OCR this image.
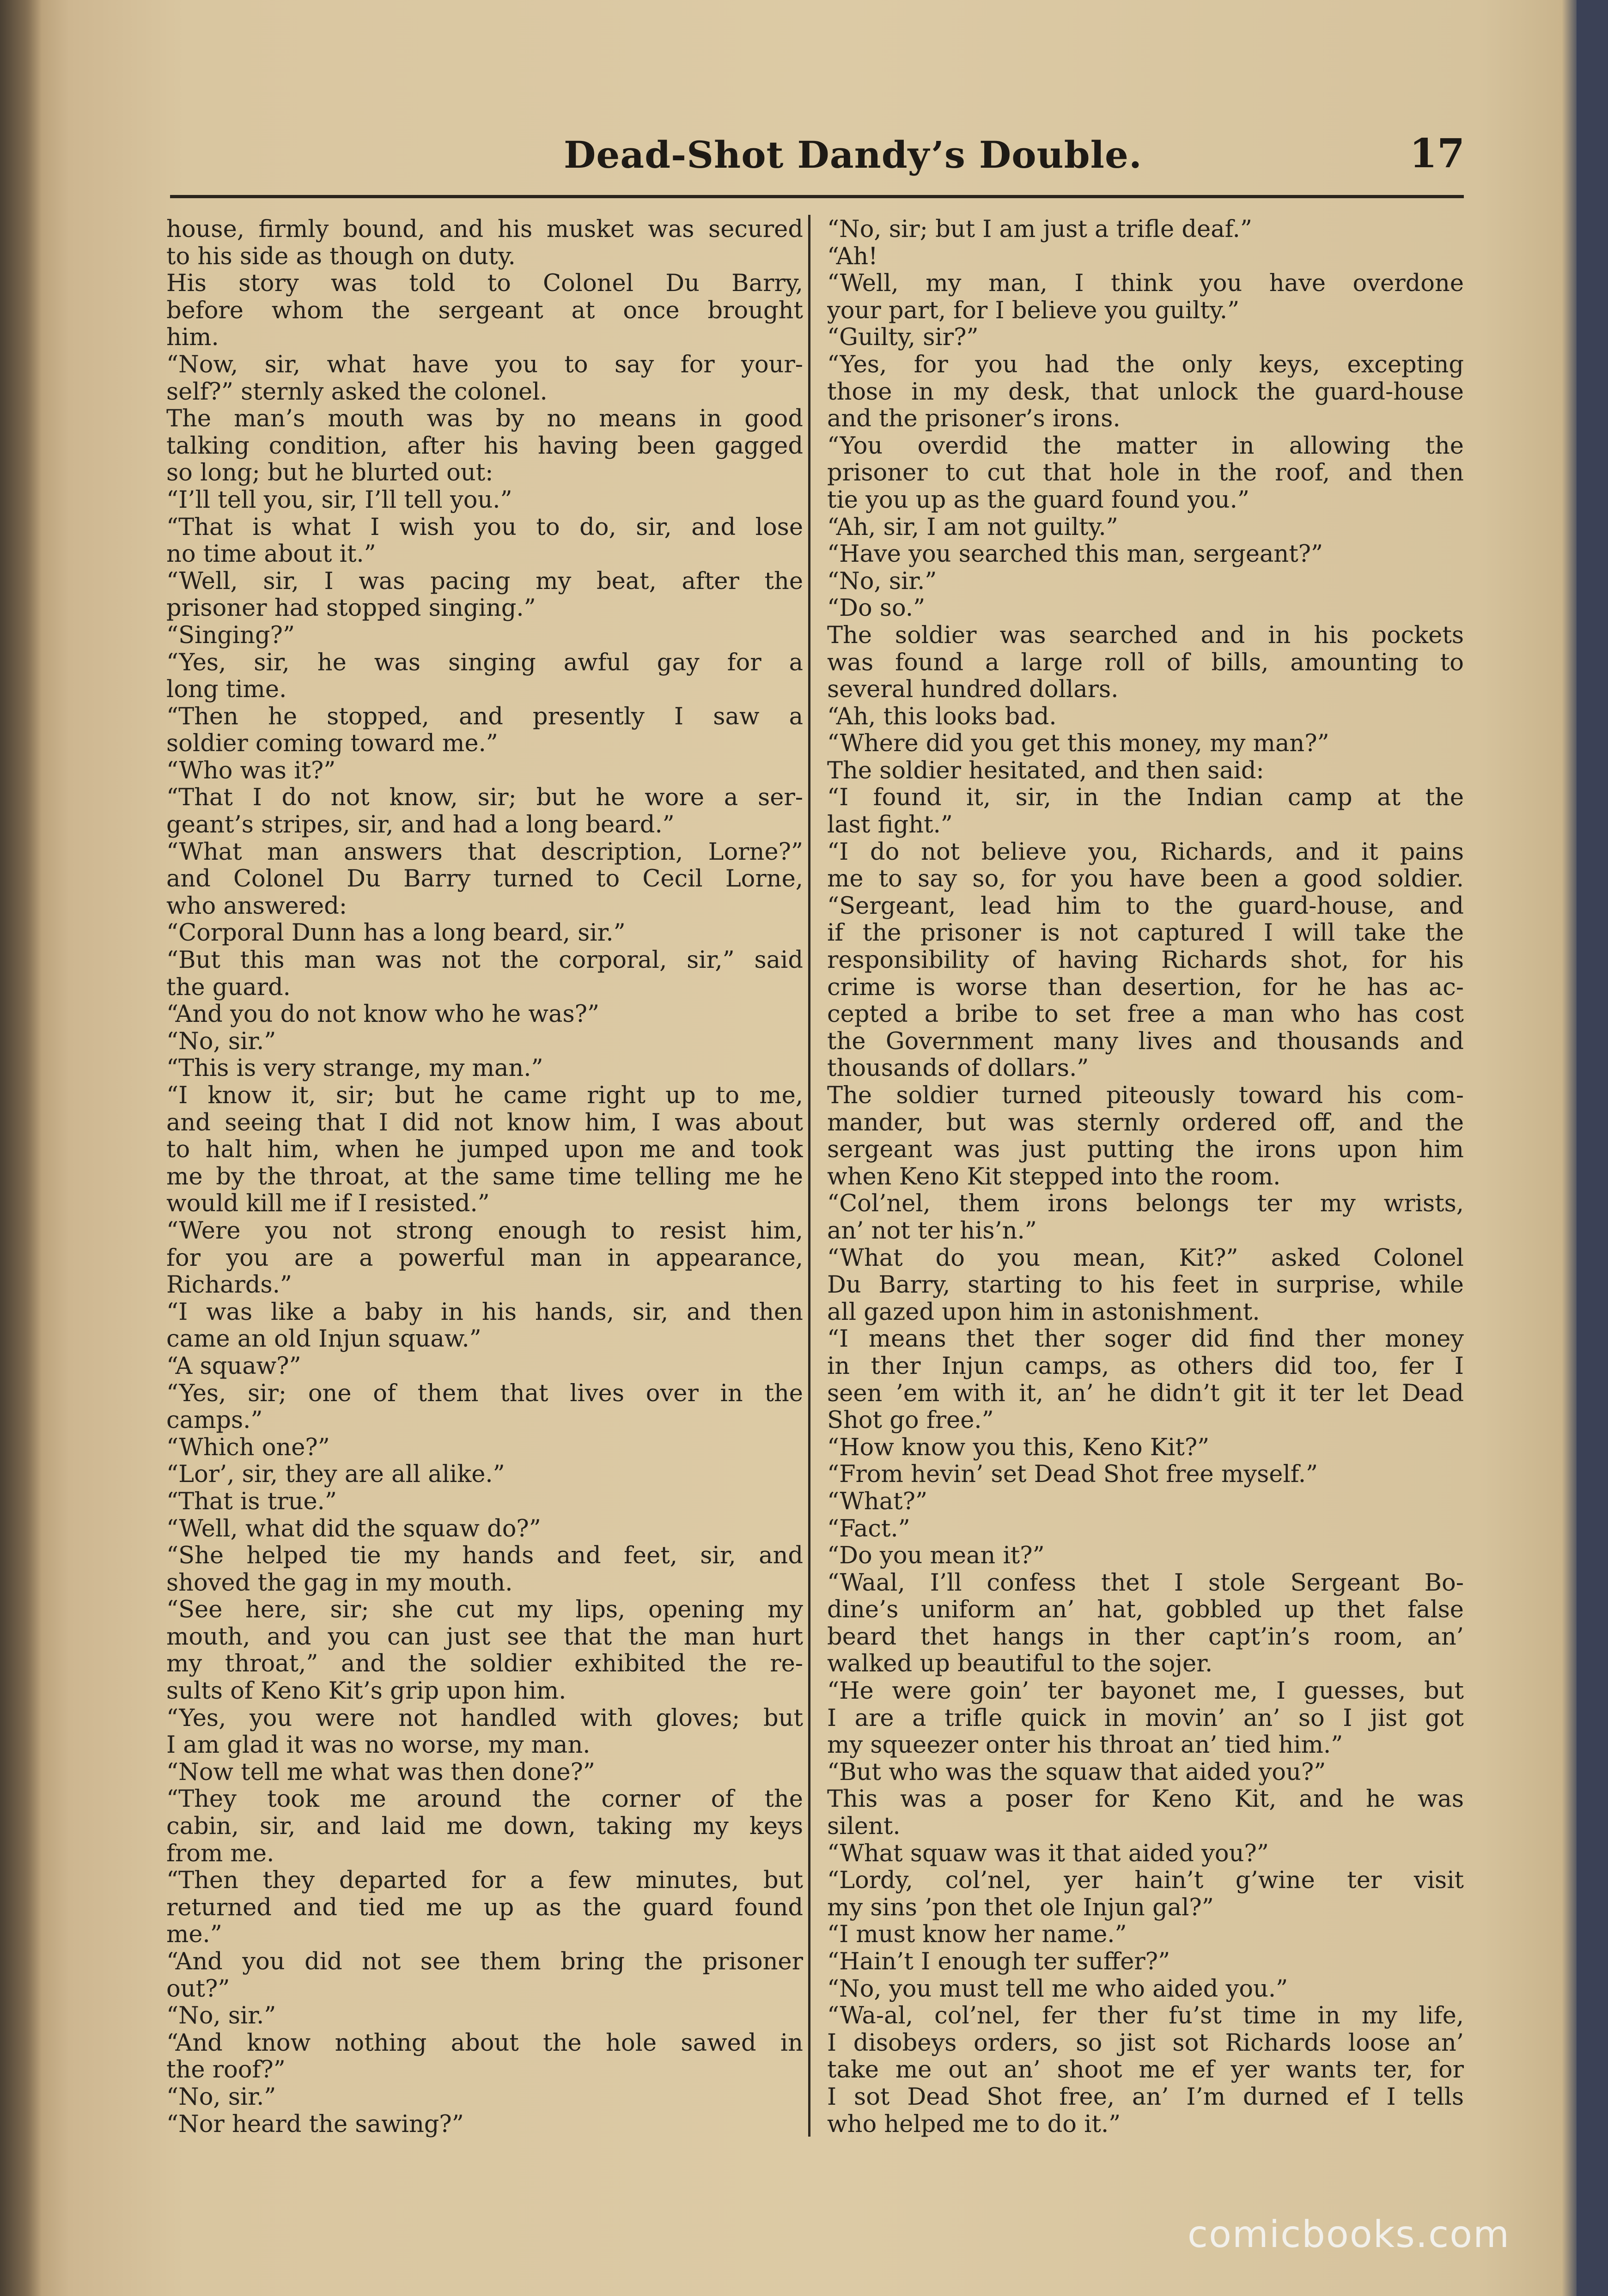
Dead-Shot Dandy’s Double.	17
house, firmly bound, and his musket was secured
to his side as though on duty.
His story was told to Colonel Du Barry,
before whom the sergeant at once brought
him.
“Now, sir, what have you to say for your-
self?” sternly asked the colonel.
The man’s mouth was by no means in good
talking condition, after his having been gagged
so long; but he blurted out:
“I’ll tell you, sir, I’ll tell you.”
“That is what I wish you to do, sir, and lose
no time about it.”
“Well, sir, I was pacing my beat, after the
prisoner had stopped singing.”
“Singing?”
“Yes, sir, he was singing awful gay for a
long time.
“Then he stopped, and presently I saw a
soldier coming toward me.”
“Who was it?”
“That I do not know, sir; but he wore a ser-
geant’s stripes, sir, and had a long beard.”
“What man answers that description, Lorne?”
and Colonel Du Barry turned to Cecil Lorne,
who answered:
“Corporal Dunn has a long beard, sir.”
“But this man was not the corporal, sir,” said
the guard.
“And you do not know who he was?”
“No, sir.”
“This is very strange, my man.”
“I know it, sir; but he came right up to me,
and seeing that I did not know him, I was about
to halt him, when he jumped upon me and took
me by the throat, at the same time telling me he
would kill me if I resisted.”
“Were you not strong enough to resist him,
for you are a powerful man in appearance,
Richards.”
“I was like a baby in his hands, sir, and then
came an old Injun squaw.”
“A squaw?”
“Yes, sir; one of them that lives over in the
camps.”
“Which one?”
“Lor’, sir, they are all alike.”
“That is true.”
“Well, what did the squaw do?”
“She helped tie my hands and feet, sir, and
shoved the gag in my mouth.
“See here, sir; she cut my lips, opening my
mouth, and you can just see that the man hurt
my throat,” and the soldier exhibited the re-
sults of Keno Kit’s grip upon him.
“Yes, you were not handled with gloves; but
I am glad it was no worse, my man.
“Now tell me what was then done?”
“They took me around the corner of the
cabin, sir, and laid me down, taking my keys
from me.
“Then they departed for a few minutes, but
returned and tied me up as the guard found
me.”
“And you did not see them bring the prisoner
out?”
“No, sir.”
“And know nothing about the hole sawed in
the roof?”
“No, sir.”
“Nor heard the sawing?”
“No, sir; but I am just a trifle deaf.”
“Ah!
“Well, my man, I think you have overdone
your part, for I believe you guilty.”
“Guilty, sir?”
“Yes, for you had the only keys, excepting
those in my desk, that unlock the guard-house
and the prisoner’s irons.
“You overdid the matter in allowing the
prisoner to cut that hole in the roof, and then
tie you up as the guard found you.”
“Ah, sir, I am not guilty.”
“Have you searched this man, sergeant?”
“No, sir.”
“Do so.”
The soldier was searched and in his pockets
was found a large roll of bills, amounting to
several hundred dollars.
“Ah, this looks bad.
“Where did you get this money, my man?”
The soldier hesitated, and then said:
“I found it, sir, in the Indian camp at the
last fight.”
“I do not believe you, Richards, and it pains
me to say so, for you have been a good soldier.
“Sergeant, lead him to the guard-house, and
if the prisoner is not captured I will take the
responsibility of having Richards shot, for his
crime is worse than desertion, for he has ac-
cepted a bribe to set free a man who has cost
the Government many lives and thousands and
thousands of dollars.”
The soldier turned piteously toward his com-
mander, but was sternly ordered off, and the
sergeant was just putting the irons upon him
when Keno Kit stepped into the room.
“Col’nel, them irons belongs ter my wrists,
an’ not ter his’n.”
“What do you mean, Kit?” asked Colonel
Du Barry, starting to his feet in surprise, while
all gazed upon him in astonishment.
“I means thet ther soger did find ther money
in ther Injun camps, as others did too, fer I
seen ’em with it, an’ he didn’t git it ter let Dead
Shot go free.”
“How know you this, Keno Kit?”
“From hevin’ set Dead Shot free myself.”
“What?”
“Fact.”
“Do you mean it?”
“Waal, I’ll confess thet I stole Sergeant Bo-
dine’s uniform an’ hat, gobbled up thet false
beard thet hangs in ther capt’in’s room, an’
walked up beautiful to the sojer.
“He were goin’ ter bayonet me, I guesses, but
I are a trifle quick in movin’ an’ so I jist got
my squeezer onter his throat an’ tied him.”
“But who was the squaw that aided you?”
This was a poser for Keno Kit, and he was
silent.
“What squaw was it that aided you?”
“Lordy, col’nel, yer hain’t g’wine ter visit
my sins ’pon thet ole Injun gal?”
“I must know her name.”
“Hain’t I enough ter suffer?”
“No, you must tell me who aided you.”
“Wa-al, col’nel, fer ther fu’st time in my life,
I disobeys orders, so jist sot Richards loose an’
take me out an’ shoot me ef yer wants ter, for
I sot Dead Shot free, an’ I’m durned ef I tells
who helped me to do it.”
comicbooks.com
